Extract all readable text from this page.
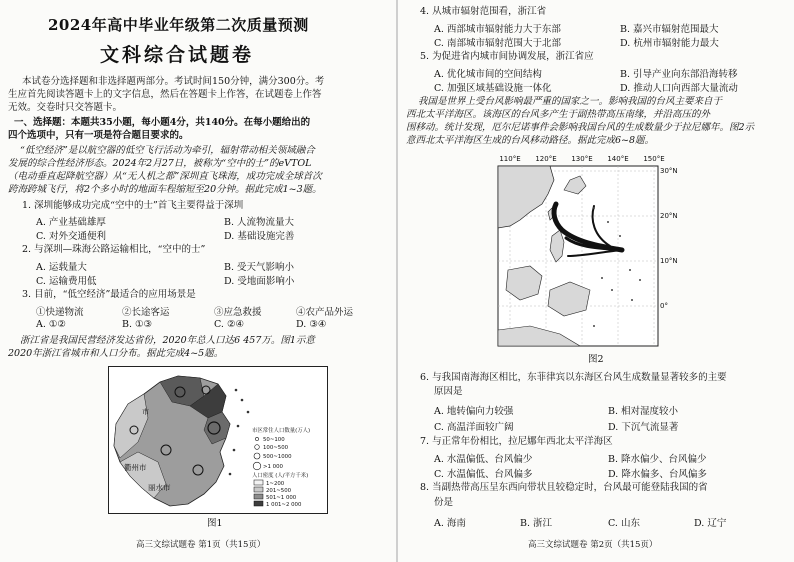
2024年高中毕业年级第二次质量预测
文科综合试题卷
本试卷分选择题和非选择题两部分。考试时间150分钟，满分300分。考
生应首先阅读答题卡上的文字信息，然后在答题卡上作答，在试题卷上作答
无效。交卷时只交答题卡。
一、选择题：本题共35小题，每小题4分，共140分。在每小题给出的
四个选项中，只有一项是符合题目要求的。
“低空经济”是以航空器的低空飞行活动为牵引，辐射带动相关领域融合
发展的综合性经济形态。2024年2月27日，被称为“空中的士”的eVTOL
（电动垂直起降航空器）从“无人机之都”深圳直飞珠海，成功完成全球首次
跨海跨城飞行，将2个多小时的地面车程缩短至20分钟。据此完成1~3题。
1. 深圳能够成功完成“空中的士”首飞主要得益于深圳
A. 产业基础雄厚	B. 人流物流量大
C. 对外交通便利	D. 基础设施完善
2. 与深圳—珠海公路运输相比，“空中的士”
A. 运载量大	B. 受天气影响小
C. 运输费用低	D. 受地面影响小
3. 目前，“低空经济”最适合的应用场景是
①快递物流	②长途客运	③应急救援	④农产品外运
A. ①②	B. ①③	C. ②④	D. ③④
浙江省是我国民营经济发达省份，2020年总人口达6 457万。图1示意
2020年浙江省城市和人口分布。据此完成4~5题。
衢州市
丽水市
市
市区常住人口数量(万人)
50~100
100~500
500~1000
>1 000
人口密度 (人/平方千米)
1~200
201~500
501~1 000
1 001~2 000
图1
高三文综试题卷 第1页（共15页）
4. 从城市辐射范围看，浙江省
A. 西部城市辐射能力大于东部	B. 嘉兴市辐射范围最大
C. 南部城市辐射范围大于北部	D. 杭州市辐射能力最大
5. 为促进省内城市间协调发展，浙江省应
A. 优化城市间的空间结构	B. 引导产业向东部沿海转移
C. 加强区域基础设施一体化	D. 推动人口向西部大量流动
我国是世界上受台风影响最严重的国家之一。影响我国的台风主要来自于
西北太平洋海区。该海区的台风多产生于副热带高压南缘，并沿高压的外
围移动。统计发现，厄尔尼诺事件会影响我国台风的生成数量少于拉尼娜年。图2示
意西北太平洋海区生成的台风移动路径。据此完成6~8题。
110°E 120°E 130°E 140°E 150°E
30°N
20°N
10°N
0°
图2
6. 与我国南海海区相比，东菲律宾以东海区台风生成数量显著较多的主要
原因是
A. 地转偏向力较强	B. 相对湿度较小
C. 高温洋面较广阔	D. 下沉气流显著
7. 与正常年份相比，拉尼娜年西北太平洋海区
A. 水温偏低、台风偏少	B. 降水偏少、台风偏少
C. 水温偏低、台风偏多	D. 降水偏多、台风偏多
8. 当副热带高压呈东西向带状且较稳定时，台风最可能登陆我国的省
份是
A. 海南	B. 浙江	C. 山东	D. 辽宁
高三文综试题卷 第2页（共15页）
